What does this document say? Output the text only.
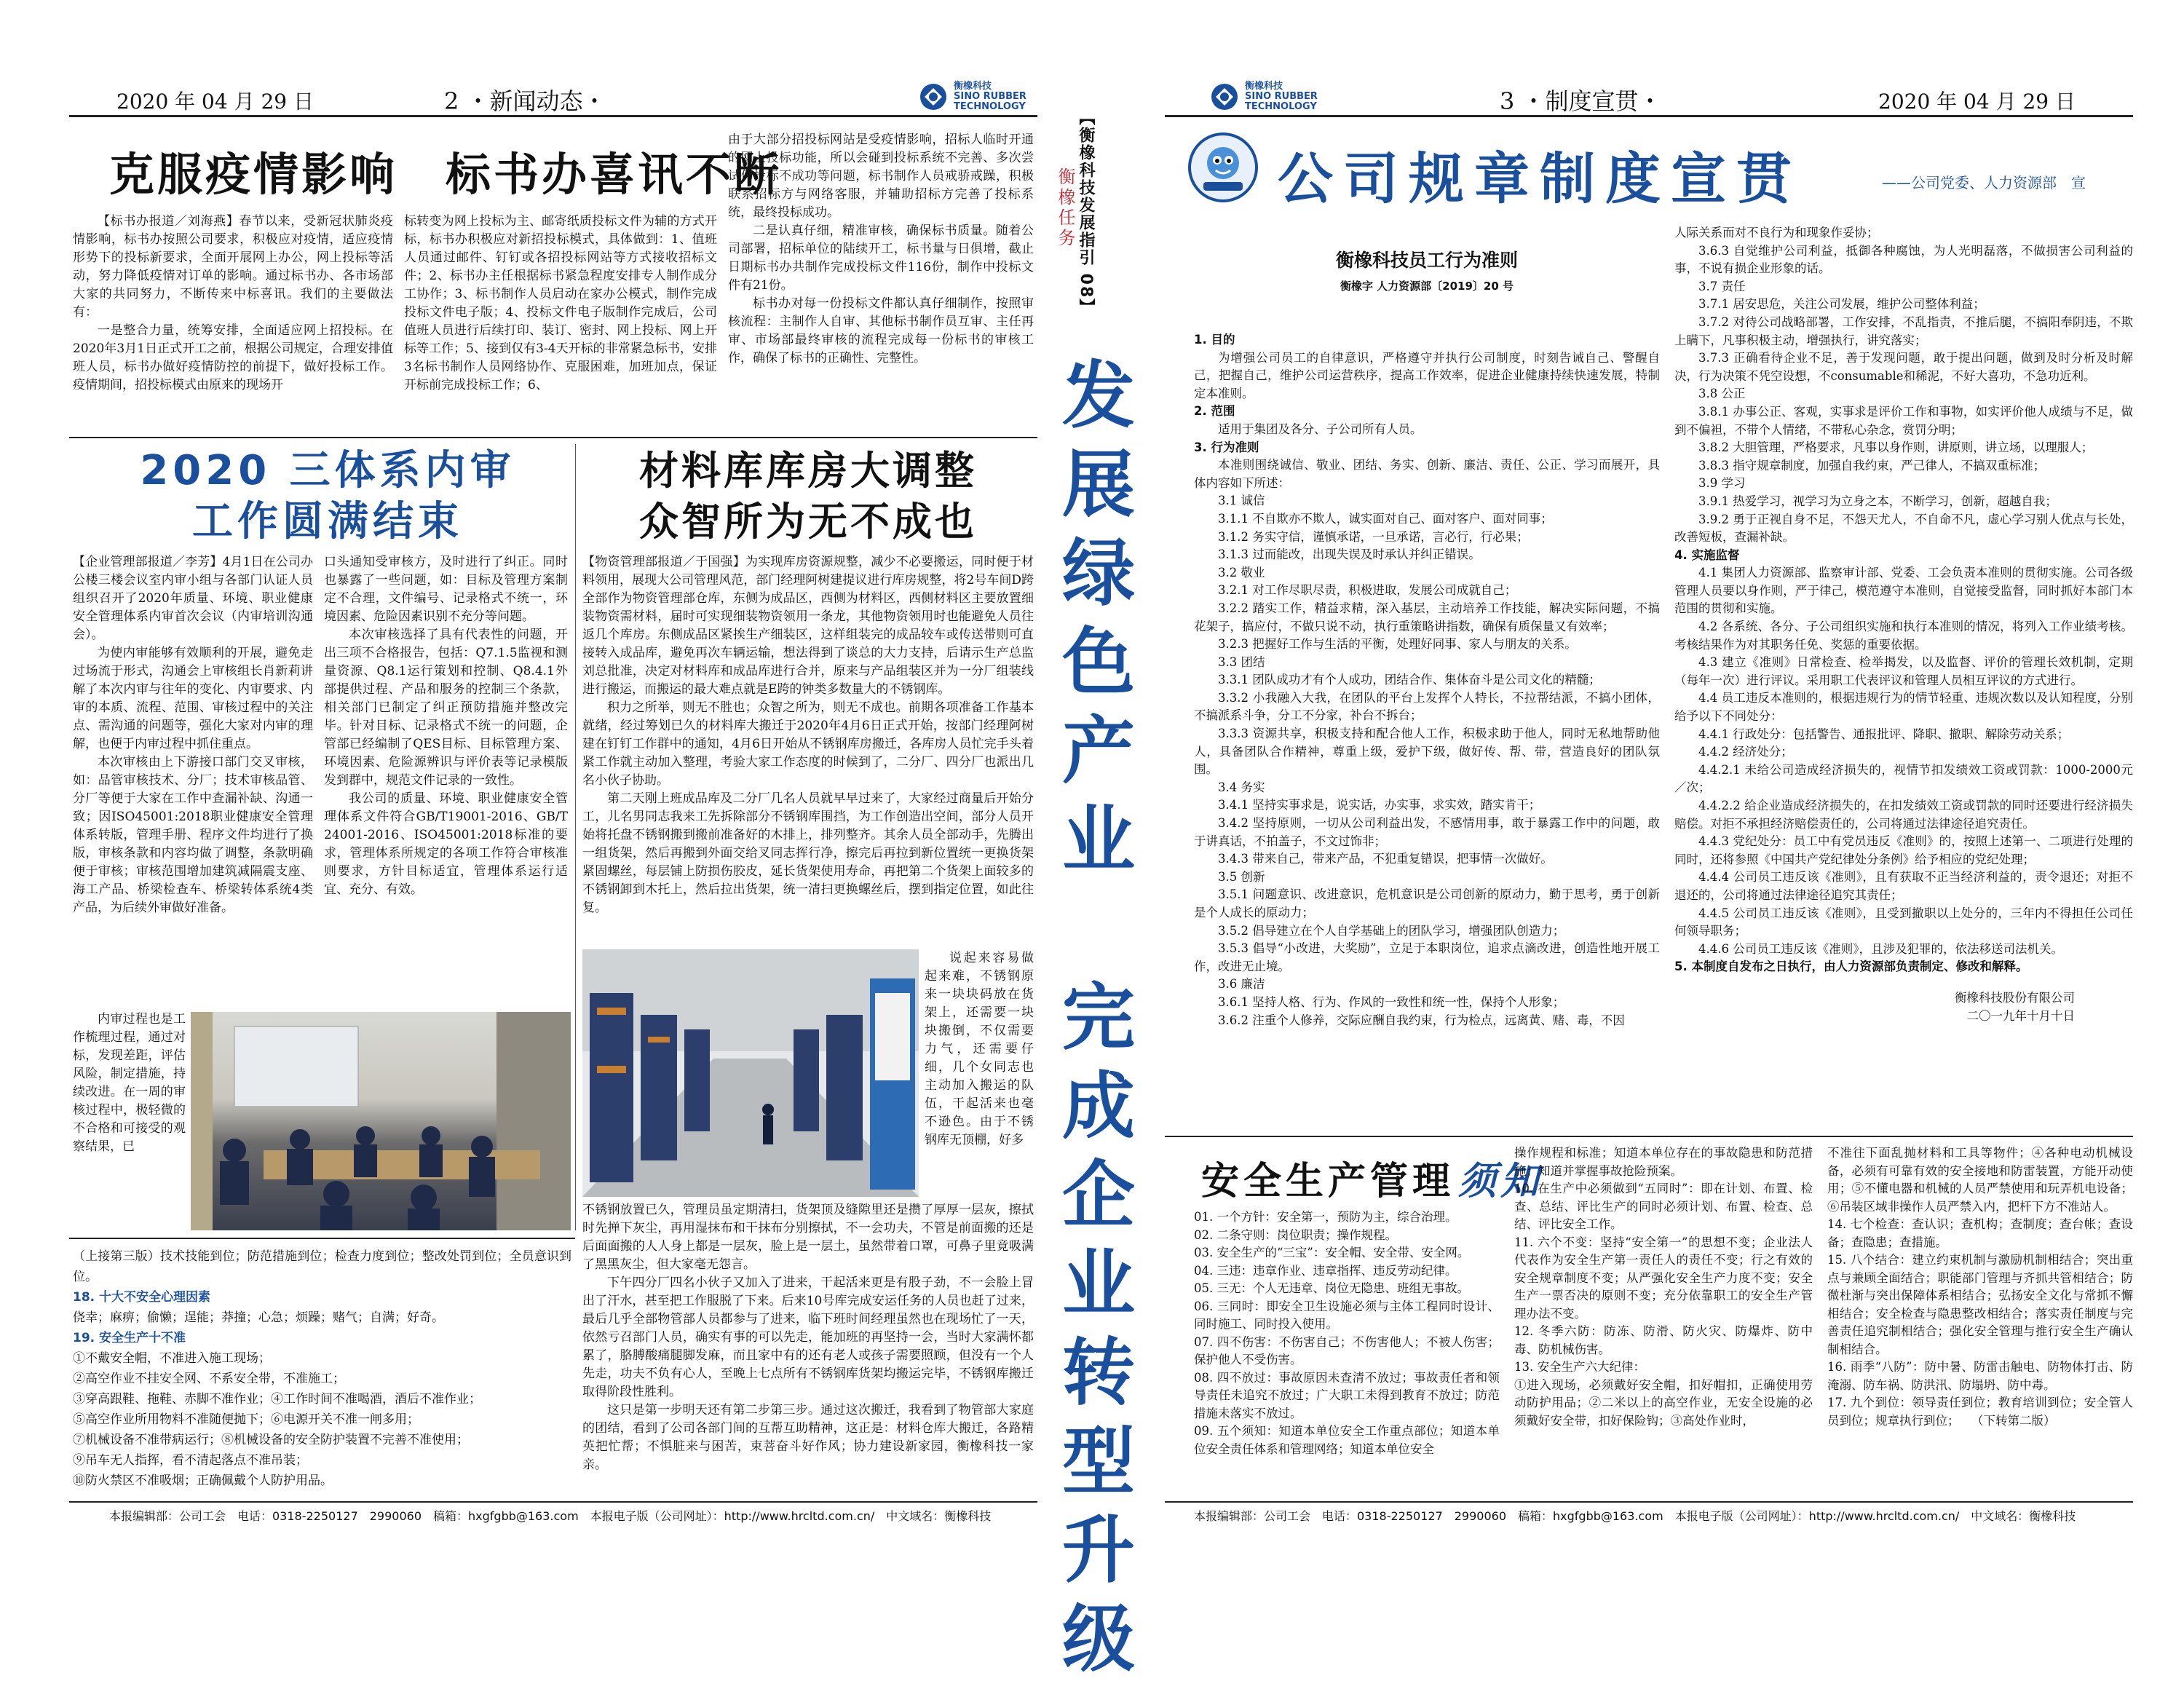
2020 年 04 月 29 日	2 ・新闻动态・
衡橡科技
SINO RUBBER
TECHNOLOGY
克服疫情影响　标书办喜讯不断

【标书办报道／刘海燕】春节以来，受新冠状肺炎疫情影响，标书办按照公司要求，积极应对疫情，适应疫情形势下的投标新要求，全面开展网上办公，网上投标等活动，努力降低疫情对订单的影响。通过标书办、各市场部大家的共同努力，不断传来中标喜讯。我们的主要做法有：

一是整合力量，统筹安排，全面适应网上招投标。在2020年3月1日正式开工之前，根据公司规定，合理安排值班人员，标书办做好疫情防控的前提下，做好投标工作。疫情期间，招投标模式由原来的现场开

标转变为网上投标为主、邮寄纸质投标文件为辅的方式开标，标书办积极应对新招投标模式，具体做到：1、值班人员通过邮件、钉钉或各招投标网站等方式接收招标文件；2、标书办主任根据标书紧急程度安排专人制作成分工协作；3、标书制作人员启动在家办公模式，制作完成投标文件电子版；4、投标文件电子版制作完成后，公司值班人员进行后续打印、装订、密封、网上投标、网上开标等工作；5、接到仅有3-4天开标的非常紧急标书，安排3名标书制作人员网络协作、克服困难，加班加点，保证开标前完成投标工作；6、

由于大部分招投标网站是受疫情影响，招标人临时开通的网上投标功能，所以会碰到投标系统不完善、多次尝试仍投标不成功等问题，标书制作人员戒骄戒躁，积极联系招标方与网络客服，并辅助招标方完善了投标系统，最终投标成功。

二是认真仔细，精准审核，确保标书质量。随着公司部署，招标单位的陆续开工，标书量与日俱增，截止日期标书办共制作完成投标文件116份，制作中投标文件有21份。

标书办对每一份投标文件都认真仔细制作，按照审核流程：主制作人自审、其他标书制作员互审、主任再审、市场部最终审核的流程完成每一份标书的审核工作，确保了标书的正确性、完整性。

2020 三体系内审
工作圆满结束

【企业管理部报道／李芳】4月1日在公司办公楼三楼会议室内审小组与各部门认证人员组织召开了2020年质量、环境、职业健康安全管理体系内审首次会议（内审培训沟通会）。

为使内审能够有效顺利的开展，避免走过场流于形式，沟通会上审核组长肖新莉讲解了本次内审与往年的变化、内审要求、内审的本质、流程、范围、审核过程中的关注点、需沟通的问题等，强化大家对内审的理解，也便于内审过程中抓住重点。

本次审核由上下游接口部门交叉审核，如：品管审核技术、分厂；技术审核品管、分厂等便于大家在工作中查漏补缺、沟通一致；因ISO45001:2018职业健康安全管理体系转版，管理手册、程序文件均进行了换版，审核条款和内容均做了调整，条款明确便于审核；审核范围增加建筑减隔震支座、海工产品、桥梁检查车、桥梁转体系统4类产品，为后续外审做好准备。

内审过程也是工作梳理过程，通过对标，发现差距，评估风险，制定措施，持续改进。在一周的审核过程中，极轻微的不合格和可接受的观察结果，已

口头通知受审核方，及时进行了纠正。同时也暴露了一些问题，如：目标及管理方案制定不合理，文件编号、记录格式不统一，环境因素、危险因素识别不充分等问题。

本次审核选择了具有代表性的问题，开出三项不合格报告，包括：Q7.1.5监视和测量资源、Q8.1运行策划和控制、Q8.4.1外部提供过程、产品和服务的控制三个条款，相关部门已制定了纠正预防措施并整改完毕。针对目标、记录格式不统一的问题，企管部已经编制了QES目标、目标管理方案、环境因素、危险源辨识与评价表等记录模版发到群中，规范文件记录的一致性。

我公司的质量、环境、职业健康安全管理体系文件符合GB/T19001-2016、GB/T 24001-2016、ISO45001:2018标准的要求，管理体系所规定的各项工作符合审核准则要求，方针目标适宜，管理体系运行适宜、充分、有效。

材料库库房大调整
众智所为无不成也

【物资管理部报道／于国强】为实现库房资源规整，减少不必要搬运，同时便于材料领用，展现大公司管理风范，部门经理阿树建提议进行库房规整，将2号车间D跨全部作为物资管理部仓库，东侧为成品区，西侧为材料区，西侧材料区主要放置细装物资需材料，届时可实现细装物资领用一条龙，其他物资领用时也能避免人员往返几个库房。东侧成品区紧挨生产细装区，这样组装完的成品较车或传送带则可直接转入成品库，避免再次车辆运输，想法得到了谈总的大力支持，后请示生产总监刘总批准，决定对材料库和成品库进行合并，原来与产品组装区并为一分厂组装线进行搬运，而搬运的最大难点就是E跨的钟类多数量大的不锈钢库。

积力之所举，则无不胜也；众智之所为，则无不成也。前期各项准备工作基本就绪，经过筹划已久的材料库大搬迁于2020年4月6日正式开始，按部门经理阿树建在钉钉工作群中的通知，4月6日开始从不锈钢库房搬迁，各库房人员忙完手头着紧工作就主动加入整理，考验大家工作态度的时候到了，二分厂、四分厂也派出几名小伙子协助。

第二天刚上班成品库及二分厂几名人员就早早过来了，大家经过商量后开始分工，儿名男同志我来工先拆除部分不锈钢库围挡，为工作创造出空间，部分人员开始将托盘不锈钢搬到搬前准备好的木排上，排列整齐。其余人员全部动手，先腾出一组货架，然后再搬到外面交给叉同志挥行净，擦完后再拉到新位置统一更换货架紧固螺丝，每层铺上防损伤胶皮，延长货架使用寿命，再把第二个货架上面较多的不锈钢卸到木托上，然后拉出货架，统一清扫更换螺丝后，摆到指定位置，如此往复。

说起来容易做起来难，不锈钢原来一块块码放在货架上，还需要一块块搬倒，不仅需要力气，还需要仔细，几个女同志也主动加入搬运的队伍，干起活来也毫不逊色。由于不锈钢库无顶棚，好多

不锈钢放置已久，管理员虽定期清扫，货架顶及缝隙里还是攒了厚厚一层灰，擦拭时先掸下灰尘，再用湿抹布和干抹布分别擦拭，不一会功夫，不管是前面搬的还是后面面搬的人人身上都是一层灰，脸上是一层土，虽然带着口罩，可鼻子里竟吸满了黑黑灰尘，但大家毫无怨言。

下午四分厂四名小伙子又加入了进来，干起活来更是有股子劲，不一会脸上冒出了汗水，甚至把工作服脱了下来。后来10号库完成安运任务的人员也赶了过来，最后几乎全部物管部人员都参与了进来，临下班时间经理虽然也在现场忙了一天，依然亏召部门人员，确实有事的可以先走，能加班的再坚持一会，当时大家满怀都累了，胳膊酸痛腿脚发麻，而且家中有的还有老人或孩子需要照顾，但没有一个人先走，功夫不负有心人，至晚上七点所有不锈钢库货架均搬运完毕，不锈钢库搬迁取得阶段性胜利。

这只是第一步明天还有第二步第三步。通过这次搬迁，我看到了物管部大家庭的团结，看到了公司各部门间的互帮互助精神，这正是：材料仓库大搬迁，各路精英把忙帮；不惧脏来与困苦，束菩奋斗好作风；协力建设新家园，衡橡科技一家亲。

（上接第三版）技术技能到位；防范措施到位；检查力度到位；整改处罚到位；全员意识到位。

18. 十大不安全心理因素

侥幸；麻痹；偷懒；逞能；莽撞；心急；烦躁；赌气；自满；好奇。

19. 安全生产十不准

①不戴安全帽，不准进入施工现场；

②高空作业不挂安全网、不系安全带，不准施工；

③穿高跟鞋、拖鞋、赤脚不准作业；④工作时间不准喝酒，酒后不准作业；

⑤高空作业所用物料不准随便抛下；⑥电源开关不准一闸多用；

⑦机械设备不准带病运行；⑧机械设备的安全防护装置不完善不准使用；

⑨吊车无人指挥，看不清起落点不准吊装；

⑩防火禁区不准吸烟；正确佩戴个人防护用品。

本报编辑部：公司工会　电话：0318-2250127　2990060　稿箱：hxgfgbb@163.com　本报电子版（公司网址）：http://www.hrcltd.com.cn/　中文域名：衡橡科技
【衡橡科技发展指引 08】
衡橡任务
发展绿色产业　完成企业转型升级
衡橡科技
SINO RUBBER
TECHNOLOGY	3 ・制度宣贯・	2020 年 04 月 29 日
公司规章制度宣贯	——公司党委、人力资源部　宣
衡橡科技员工行为准则
衡橡字 人力资源部〔2019〕20 号

1. 目的

为增强公司员工的自律意识，严格遵守并执行公司制度，时刻告诫自己、警醒自己，把握自己，维护公司运营秩序，提高工作效率，促进企业健康持续快速发展，特制定本准则。

2. 范围

适用于集团及各分、子公司所有人员。

3. 行为准则

本准则围绕诚信、敬业、团结、务实、创新、廉洁、责任、公正、学习而展开，具体内容如下所述：

3.1 诚信

3.1.1 不自欺亦不欺人，诚实面对自己、面对客户、面对同事；

3.1.2 务实守信，谨慎承诺，一旦承诺，言必行，行必果；

3.1.3 过而能改，出现失误及时承认并纠正错误。

3.2 敬业

3.2.1 对工作尽职尽责，积极进取，发展公司成就自己；

3.2.2 踏实工作，精益求精，深入基层，主动培养工作技能，解决实际问题，不搞花架子，搞应付，不做只说不动，执行重策略讲指数，确保有质保量又有效率；

3.2.3 把握好工作与生活的平衡，处理好同事、家人与朋友的关系。

3.3 团结

3.3.1 团队成功才有个人成功，团结合作、集体奋斗是公司文化的精髓；

3.3.2 小我融入大我，在团队的平台上发挥个人特长，不拉帮结派，不搞小团体，不搞派系斗争，分工不分家，补台不拆台；

3.3.3 资源共享，积极支持和配合他人工作，积极求助于他人，同时无私地帮助他人，具备团队合作精神，尊重上级，爱护下级，做好传、帮、带，营造良好的团队氛围。

3.4 务实

3.4.1 坚持实事求是，说实话，办实事，求实效，踏实肯干；

3.4.2 坚持原则，一切从公司利益出发，不感情用事，敢于暴露工作中的问题，敢于讲真话，不拍盖子，不文过饰非；

3.4.3 带来自己，带来产品，不犯重复错误，把事情一次做好。

3.5 创新

3.5.1 问题意识、改进意识，危机意识是公司创新的原动力，勤于思考，勇于创新是个人成长的原动力；

3.5.2 倡导建立在个人自学基础上的团队学习，增强团队创造力；

3.5.3 倡导“小改进，大奖励”，立足于本职岗位，追求点滴改进，创造性地开展工作，改进无止境。

3.6 廉洁

3.6.1 坚持人格、行为、作风的一致性和统一性，保持个人形象；

3.6.2 注重个人修养，交际应酬自我约束，行为检点，远离黄、赌、毒，不因

人际关系而对不良行为和现象作妥协；

3.6.3 自觉维护公司利益，抵御各种腐蚀，为人光明磊落，不做损害公司利益的事，不说有损企业形象的话。

3.7 责任

3.7.1 居安思危，关注公司发展，维护公司整体利益；

3.7.2 对待公司战略部署，工作安排，不乱指责，不推后腿，不搞阳奉阴违，不欺上瞒下，凡事积极主动，增强执行，讲究落实；

3.7.3 正确看待企业不足，善于发现问题，敢于提出问题，做到及时分析及时解决，行为决策不凭空设想，不consumable和稀泥，不好大喜功，不急功近利。

3.8 公正

3.8.1 办事公正、客观，实事求是评价工作和事物，如实评价他人成绩与不足，做到不偏袒，不带个人情绪，不带私心杂念，赏罚分明；

3.8.2 大胆管理，严格要求，凡事以身作则，讲原则，讲立场，以理服人；

3.8.3 指守规章制度，加强自我约束，严己律人，不搞双重标准；

3.9 学习

3.9.1 热爱学习，视学习为立身之本，不断学习，创新，超越自我；

3.9.2 勇于正视自身不足，不怨天尤人，不自命不凡，虚心学习别人优点与长处，改善短板，查漏补缺。

4. 实施监督

4.1 集团人力资源部、监察审计部、党委、工会负责本准则的贯彻实施。公司各级管理人员要以身作则，严于律己，模范遵守本准则，自觉接受监督，同时抓好本部门本范围的贯彻和实施。

4.2 各系统、各分、子公司组织实施和执行本准则的情况，将列入工作业绩考核。考核结果作为对其职务任免、奖惩的重要依据。

4.3 建立《准则》日常检查、检举揭发，以及监督、评价的管理长效机制，定期（每年一次）进行评议。采用职工代表评议和管理人员相互评议的方式进行。

4.4 员工违反本准则的，根据违规行为的情节轻重、违规次数以及认知程度，分别给予以下不同处分：

4.4.1 行政处分：包括警告、通报批评、降职、撤职、解除劳动关系；

4.4.2 经济处分；

4.4.2.1 未给公司造成经济损失的，视情节扣发绩效工资或罚款：1000-2000元／次；

4.4.2.2 给企业造成经济损失的，在扣发绩效工资或罚款的同时还要进行经济损失赔偿。对拒不承担经济赔偿责任的，公司将通过法律途径追究责任。

4.4.3 党纪处分：员工中有党员违反《准则》的，按照上述第一、二项进行处理的同时，还将参照《中国共产党纪律处分条例》给予相应的党纪处理；

4.4.4 公司员工违反该《准则》，且有获取不正当经济利益的，责令退还；对拒不退还的，公司将通过法律途径追究其责任；

4.4.5 公司员工违反该《准则》，且受到撤职以上处分的，三年内不得担任公司任何领导职务；

4.4.6 公司员工违反该《准则》，且涉及犯罪的，依法移送司法机关。

5. 本制度自发布之日执行，由人力资源部负责制定、修改和解释。

衡橡科技股份有限公司

二〇一九年十月十日

安全生产管理 须知

01. 一个方针：安全第一，预防为主，综合治理。

02. 二条守则：岗位职责；操作规程。

03. 安全生产的“三宝”：安全帽、安全带、安全网。

04. 三违：违章作业、违章指挥、违反劳动纪律。

05. 三无：个人无违章、岗位无隐患、班组无事故。

06. 三同时：即安全卫生设施必须与主体工程同时设计、同时施工、同时投入使用。

07. 四不伤害：不伤害自己；不伤害他人；不被人伤害；保护他人不受伤害。

08. 四不放过：事故原因未查清不放过；事故责任者和领导责任未追究不放过；广大职工未得到教育不放过；防范措施未落实不放过。

09. 五个须知：知道本单位安全工作重点部位；知道本单位安全责任体系和管理网络；知道本单位安全

操作规程和标准；知道本单位存在的事故隐患和防范措施；知道并掌握事故抢险预案。

10. 在生产中必须做到“五同时”：即在计划、布置、检查、总结、评比生产的同时必须计划、布置、检查、总结、评比安全工作。

11. 六个不变：坚持“安全第一”的思想不变；企业法人代表作为安全生产第一责任人的责任不变；行之有效的安全规章制度不变；从严强化安全生产力度不变；安全生产一票否决的原则不变；充分依靠职工的安全生产管理办法不变。

12. 冬季六防：防冻、防滑、防火灾、防爆炸、防中毒、防机械伤害。

13. 安全生产六大纪律：

①进入现场，必须戴好安全帽，扣好帽扣，正确使用劳动防护用品；②二米以上的高空作业，无安全设施的必须戴好安全带，扣好保险钩；③高处作业时，

不准往下面乱抛材料和工具等物件；④各种电动机械设备，必须有可靠有效的安全接地和防雷装置，方能开动使用；⑤不懂电器和机械的人员严禁使用和玩弄机电设备；⑥吊装区域非操作人员严禁入内，把杆下方不准站人。

14. 七个检查：查认识；查机构；查制度；查台帐；查设备；查隐患；查措施。

15. 八个结合：建立约束机制与激励机制相结合；突出重点与兼顾全面结合；职能部门管理与齐抓共管相结合；防微杜渐与突出保障体系相结合；弘扬安全文化与常抓不懈相结合；安全检查与隐患整改相结合；落实责任制度与完善责任追究制相结合；强化安全管理与推行安全生产确认制相结合。

16. 雨季“八防”：防中暑、防雷击触电、防物体打击、防淹溺、防车祸、防洪汛、防塌坍、防中毒。

17. 九个到位：领导责任到位；教育培训到位；安全管人员到位；规章执行到位；　　（下转第二版）

本报编辑部：公司工会　电话：0318-2250127　2990060　稿箱：hxgfgbb@163.com　本报电子版（公司网址）：http://www.hrcltd.com.cn/　中文域名：衡橡科技
